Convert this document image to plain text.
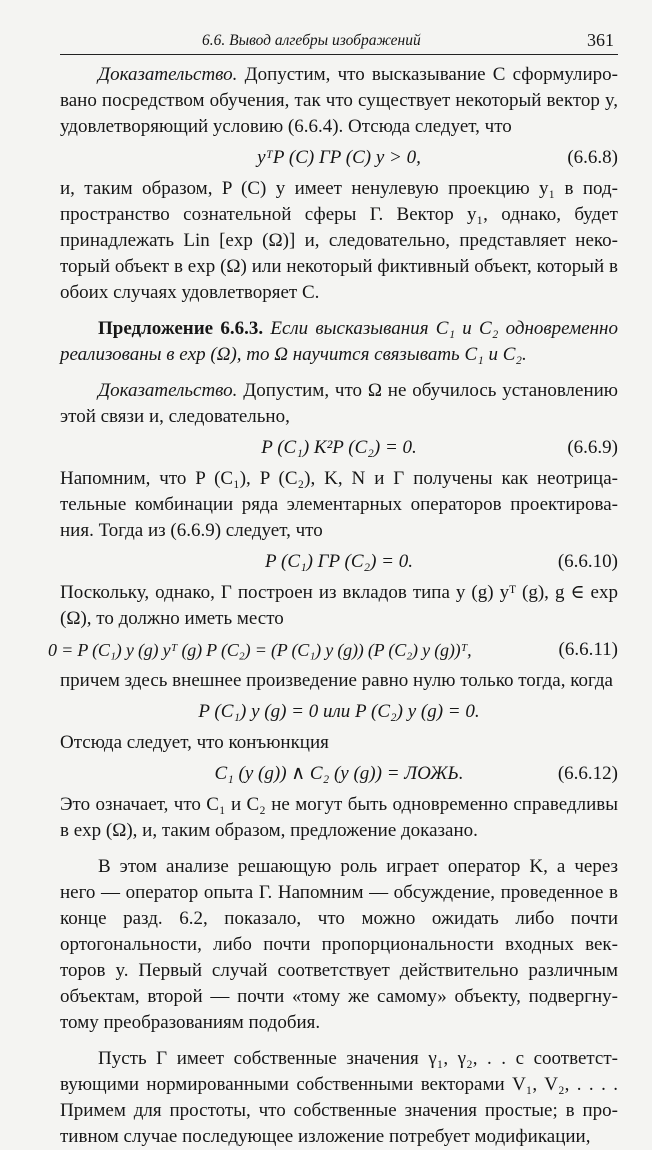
6.6. Вывод алгебры изображений	361

Доказательство. Допустим, что высказывание C сформулировано посредством обучения, так что существует некоторый вектор y, удовлетворяющий условию (6.6.4). Отсюда следует, что

yᵀP (C) ΓP (C) y > 0,	(6.6.8)

и, таким образом, P (C) y имеет ненулевую проекцию y₁ в подпространство сознательной сферы Γ. Вектор y₁, однако, будет принадлежать Lin [exp (Ω)] и, следовательно, представляет некоторый объект в exp (Ω) или некоторый фиктивный объект, который в обоих случаях удовлетворяет C.

Предложение 6.6.3. Если высказывания C₁ и C₂ одновременно реализованы в exp (Ω), то Ω научится связывать C₁ и C₂.

Доказательство. Допустим, что Ω не обучилось установлению этой связи и, следовательно,

P (C₁) K²P (C₂) = 0.	(6.6.9)

Напомним, что P (C₁), P (C₂), K, N и Γ получены как неотрицательные комбинации ряда элементарных операторов проектирования. Тогда из (6.6.9) следует, что

P (C₁) ΓP (C₂) = 0.	(6.6.10)

Поскольку, однако, Γ построен из вкладов типа y (g) yᵀ (g), g ∈ exp (Ω), то должно иметь место

0 = P (C₁) y (g) yᵀ (g) P (C₂) = (P (C₁) y (g)) (P (C₂) y (g))ᵀ,	(6.6.11)

причем здесь внешнее произведение равно нулю только тогда, когда

P (C₁) y (g) = 0 или P (C₂) y (g) = 0.

Отсюда следует, что конъюнкция

C₁ (y (g)) ∧ C₂ (y (g)) = ЛОЖЬ.	(6.6.12)

Это означает, что C₁ и C₂ не могут быть одновременно справедливы в exp (Ω), и, таким образом, предложение доказано.

В этом анализе решающую роль играет оператор K, а через него — оператор опыта Γ. Напомним — обсуждение, проведенное в конце разд. 6.2, показало, что можно ожидать либо почти ортогональности, либо почти пропорциональности входных векторов y. Первый случай соответствует действительно различным объектам, второй — почти «тому же самому» объекту, подвергнутому преобразованиям подобия.

Пусть Γ имеет собственные значения γ₁, γ₂, . . с соответствующими нормированными собственными векторами V₁, V₂, . . . . Примем для простоты, что собственные значения простые; в противном случае последующее изложение потребует модификации,
